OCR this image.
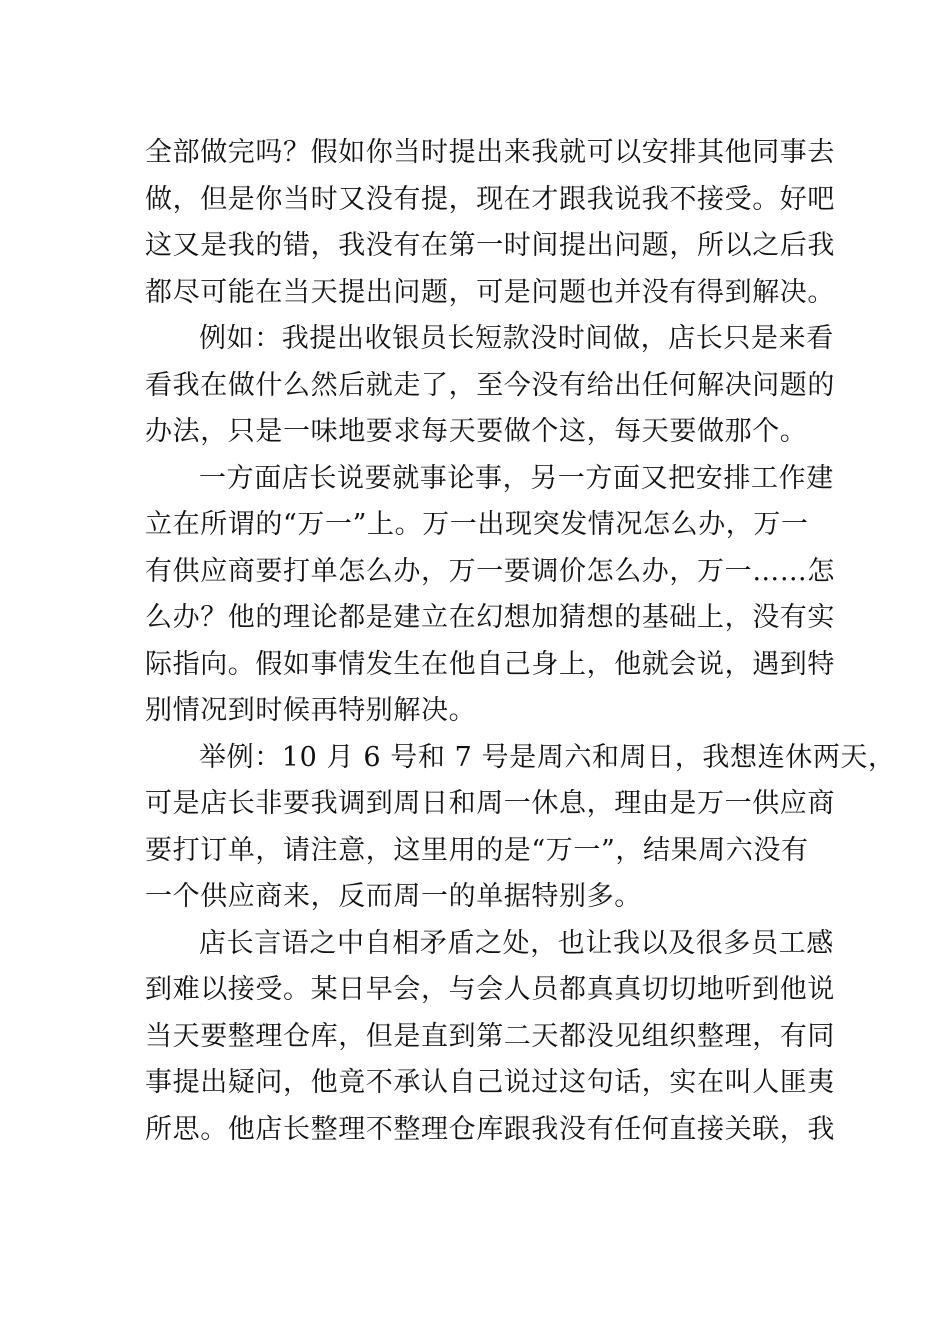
全部做完吗？假如你当时提出来我就可以安排其他同事去
做，但是你当时又没有提，现在才跟我说我不接受。好吧
这又是我的错，我没有在第一时间提出问题，所以之后我
都尽可能在当天提出问题，可是问题也并没有得到解决。
例如：我提出收银员长短款没时间做，店长只是来看
看我在做什么然后就走了，至今没有给出任何解决问题的
办法，只是一味地要求每天要做个这，每天要做那个。
一方面店长说要就事论事，另一方面又把安排工作建
立在所谓的“万一”上。万一出现突发情况怎么办，万一
有供应商要打单怎么办，万一要调价怎么办，万一……怎
么办？他的理论都是建立在幻想加猜想的基础上，没有实
际指向。假如事情发生在他自己身上，他就会说，遇到特
别情况到时候再特别解决。
举例：10 月 6 号和 7 号是周六和周日，我想连休两天，
可是店长非要我调到周日和周一休息，理由是万一供应商
要打订单，请注意，这里用的是“万一”，结果周六没有
一个供应商来，反而周一的单据特别多。
店长言语之中自相矛盾之处，也让我以及很多员工感
到难以接受。某日早会，与会人员都真真切切地听到他说
当天要整理仓库，但是直到第二天都没见组织整理，有同
事提出疑问，他竟不承认自己说过这句话，实在叫人匪夷
所思。他店长整理不整理仓库跟我没有任何直接关联，我
